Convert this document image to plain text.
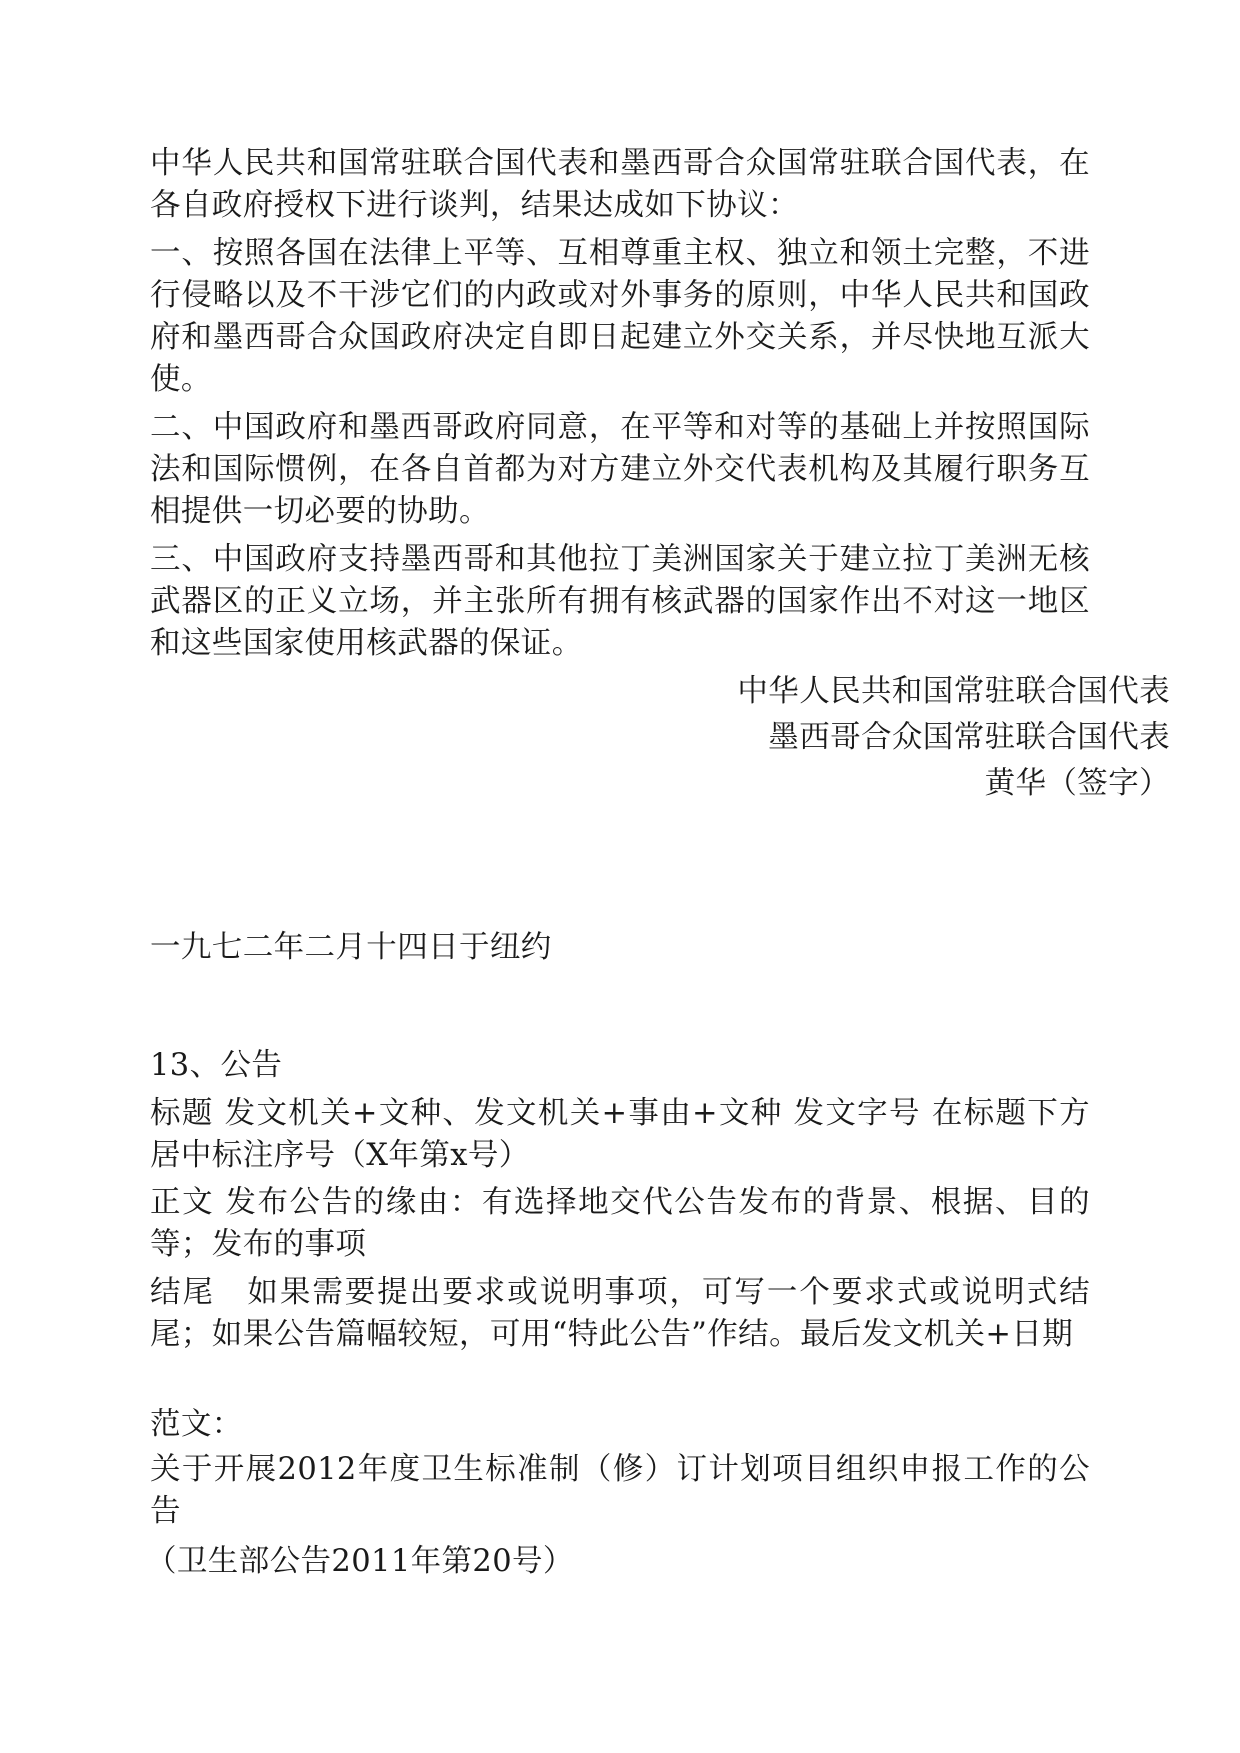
中华人民共和国常驻联合国代表和墨西哥合众国常驻联合国代表，在各自政府授权下进行谈判，结果达成如下协议：

一、按照各国在法律上平等、互相尊重主权、独立和领土完整，不进行侵略以及不干涉它们的内政或对外事务的原则，中华人民共和国政府和墨西哥合众国政府决定自即日起建立外交关系，并尽快地互派大使。

二、中国政府和墨西哥政府同意，在平等和对等的基础上并按照国际法和国际惯例，在各自首都为对方建立外交代表机构及其履行职务互相提供一切必要的协助。

三、中国政府支持墨西哥和其他拉丁美洲国家关于建立拉丁美洲无核武器区的正义立场，并主张所有拥有核武器的国家作出不对这一地区和这些国家使用核武器的保证。

中华人民共和国常驻联合国代表
墨西哥合众国常驻联合国代表
黄华（签字）
一九七二年二月十四日于纽约
13、公告

标题 发文机关+文种、发文机关+事由+文种 发文字号 在标题下方居中标注序号（X年第x号）

正文 发布公告的缘由：有选择地交代公告发布的背景、根据、目的等；发布的事项

结尾　如果需要提出要求或说明事项，可写一个要求式或说明式结尾；如果公告篇幅较短，可用“特此公告”作结。最后发文机关+日期

范文：

关于开展2012年度卫生标准制（修）订计划项目组织申报工作的公告

（卫生部公告2011年第20号）
